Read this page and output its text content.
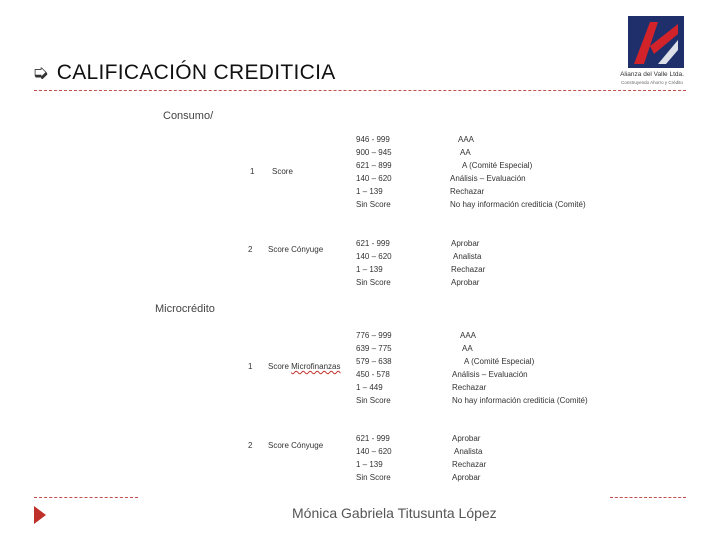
➭ CALIFICACIÓN CREDITICIA	Alianza del Valle Ltda.
Construyendo Ahorro y Crédito
Consumo/
1 Score
946 - 999
900 – 945
621 – 899
140 – 620
1 – 139
Sin Score
AAA
AA
A (Comité Especial)
Análisis – Evaluación
Rechazar
No hay información crediticia (Comité)
2 Score Cónyuge
621 - 999
140 – 620
1 – 139
Sin Score
Aprobar
Analista
Rechazar
Aprobar
Microcrédito
1 Score Microfinanzas
776 – 999
639 – 775
579 – 638
450 - 578
1 – 449
Sin Score
AAA
AA
A (Comité Especial)
Análisis – Evaluación
Rechazar
No hay información crediticia (Comité)
2 Score Cónyuge
621 - 999
140 – 620
1 – 139
Sin Score
Aprobar
Analista
Rechazar
Aprobar
Mónica Gabriela Titusunta López
